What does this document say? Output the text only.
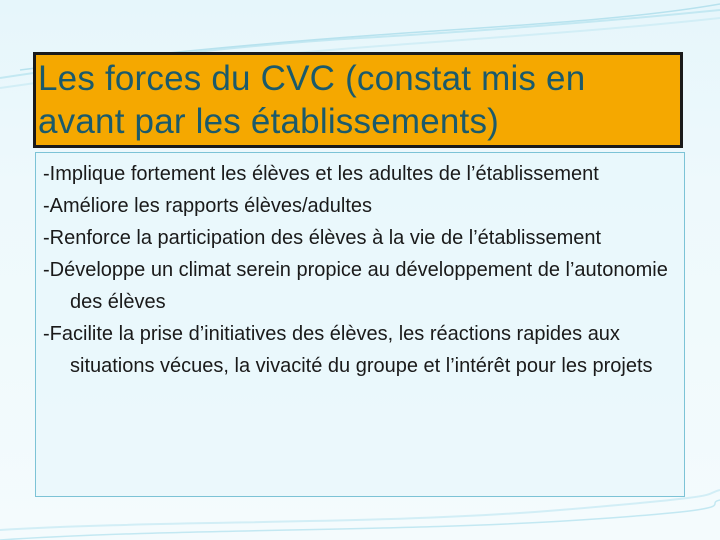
Les forces du CVC (constat mis en avant par les établissements)
-Implique fortement les élèves et les adultes de l’établissement
-Améliore les rapports élèves/adultes
-Renforce la participation des élèves à la vie de l’établissement
-Développe un climat serein propice au développement de l’autonomie des élèves
-Facilite la prise d’initiatives des élèves, les réactions rapides aux situations vécues, la vivacité du groupe et l’intérêt pour les projets
